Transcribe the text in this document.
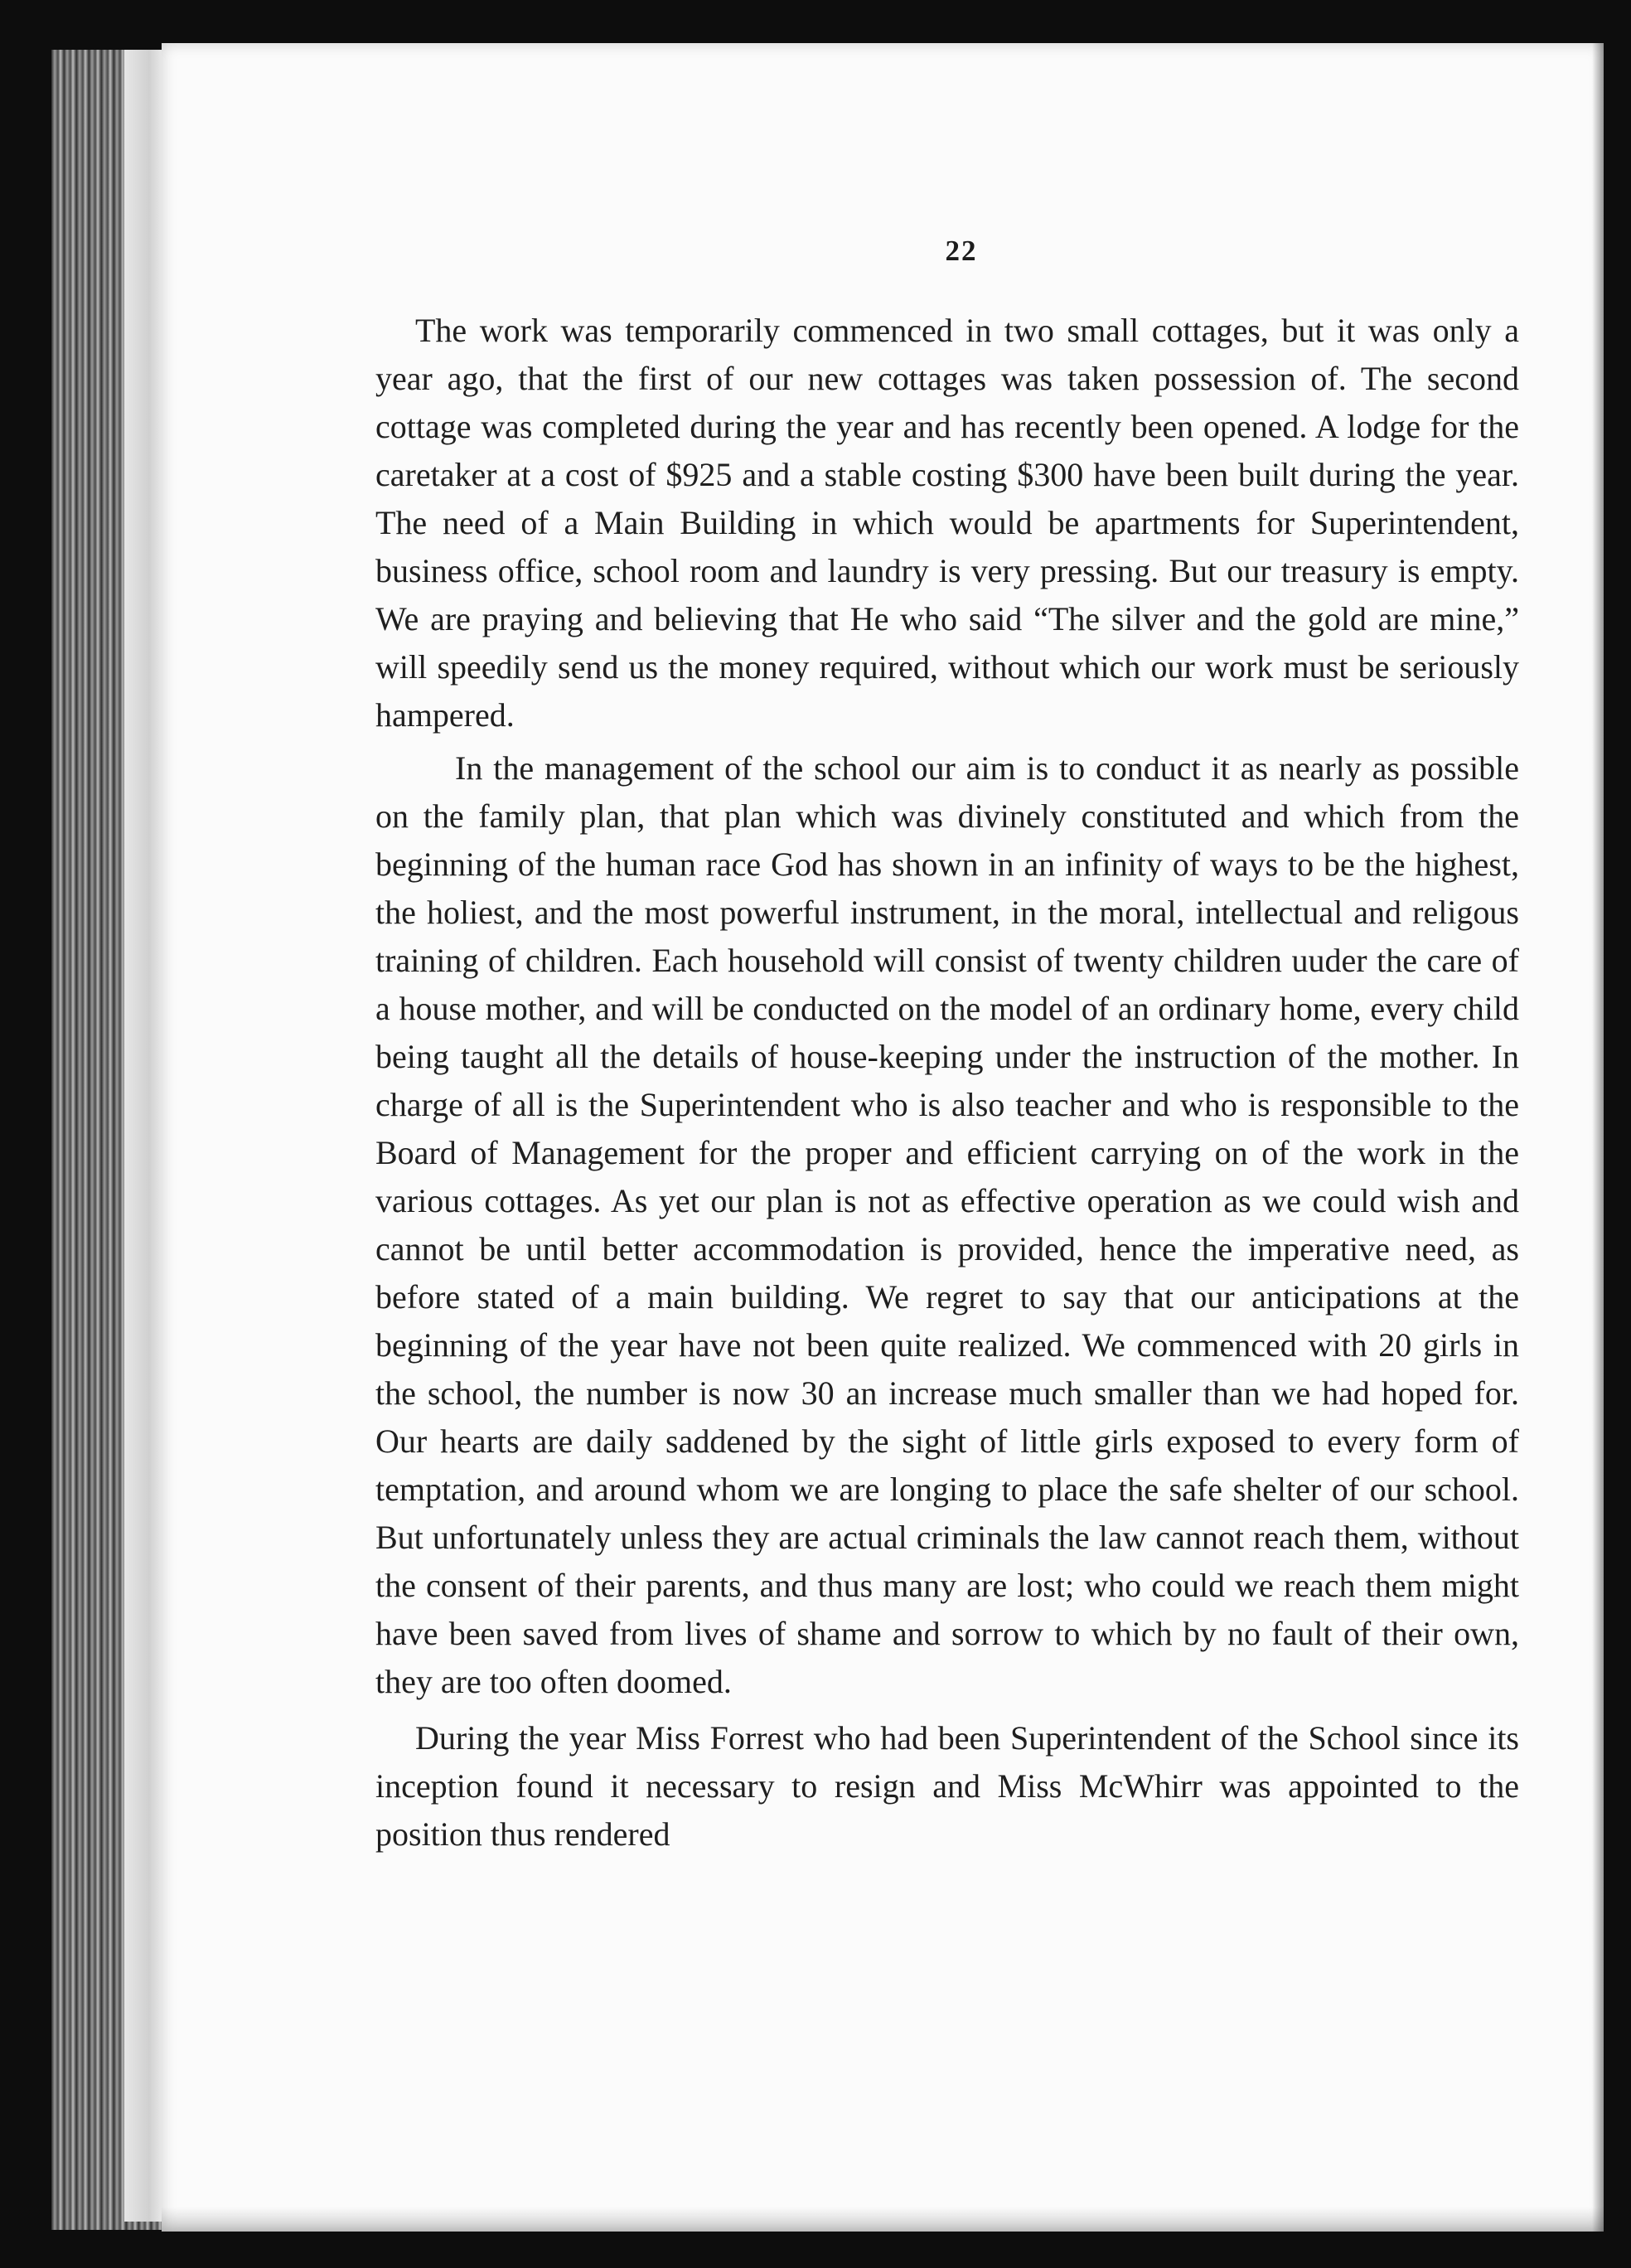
22

The work was temporarily commenced in two small cottages, but it was only a year ago, that the first of our new cottages was taken possession of. The second cottage was completed during the year and has recently been opened. A lodge for the caretaker at a cost of $925 and a stable costing $300 have been built during the year. The need of a Main Building in which would be apartments for Superintendent, business office, school room and laundry is very pressing. But our treasury is empty. We are praying and believing that He who said “The silver and the gold are mine,” will speedily send us the money required, without which our work must be seriously hampered.

In the management of the school our aim is to conduct it as nearly as possible on the family plan, that plan which was divinely constituted and which from the beginning of the human race God has shown in an infinity of ways to be the highest, the holiest, and the most powerful instrument, in the moral, intellectual and religous training of children. Each household will consist of twenty children uuder the care of a house mother, and will be conducted on the model of an ordinary home, every child being taught all the details of house-keeping under the instruction of the mother. In charge of all is the Superintendent who is also teacher and who is responsible to the Board of Management for the proper and efficient carrying on of the work in the various cottages. As yet our plan is not as effective operation as we could wish and cannot be until better accommodation is provided, hence the imperative need, as before stated of a main building. We regret to say that our anticipations at the beginning of the year have not been quite realized. We commenced with 20 girls in the school, the number is now 30 an increase much smaller than we had hoped for. Our hearts are daily saddened by the sight of little girls exposed to every form of temptation, and around whom we are longing to place the safe shelter of our school. But unfortunately unless they are actual criminals the law cannot reach them, without the consent of their parents, and thus many are lost; who could we reach them might have been saved from lives of shame and sorrow to which by no fault of their own, they are too often doomed.

During the year Miss Forrest who had been Superintendent of the School since its inception found it necessary to resign and Miss McWhirr was appointed to the position thus rendered
